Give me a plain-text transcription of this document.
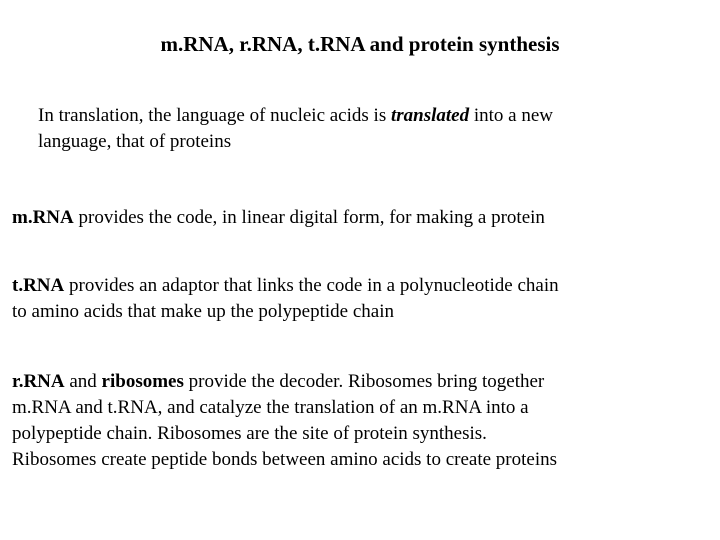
m.RNA, r.RNA, t.RNA and protein synthesis
In translation, the language of nucleic acids is translated into a new
language, that of proteins
m.RNA provides the code, in linear digital form, for making a protein
t.RNA provides an adaptor that links the code in a polynucleotide chain
to amino acids that make up the polypeptide chain
r.RNA and ribosomes provide the decoder. Ribosomes bring together
m.RNA and t.RNA, and catalyze the translation of an m.RNA into a
polypeptide chain. Ribosomes are the site of protein synthesis.
Ribosomes create peptide bonds between amino acids to create proteins
